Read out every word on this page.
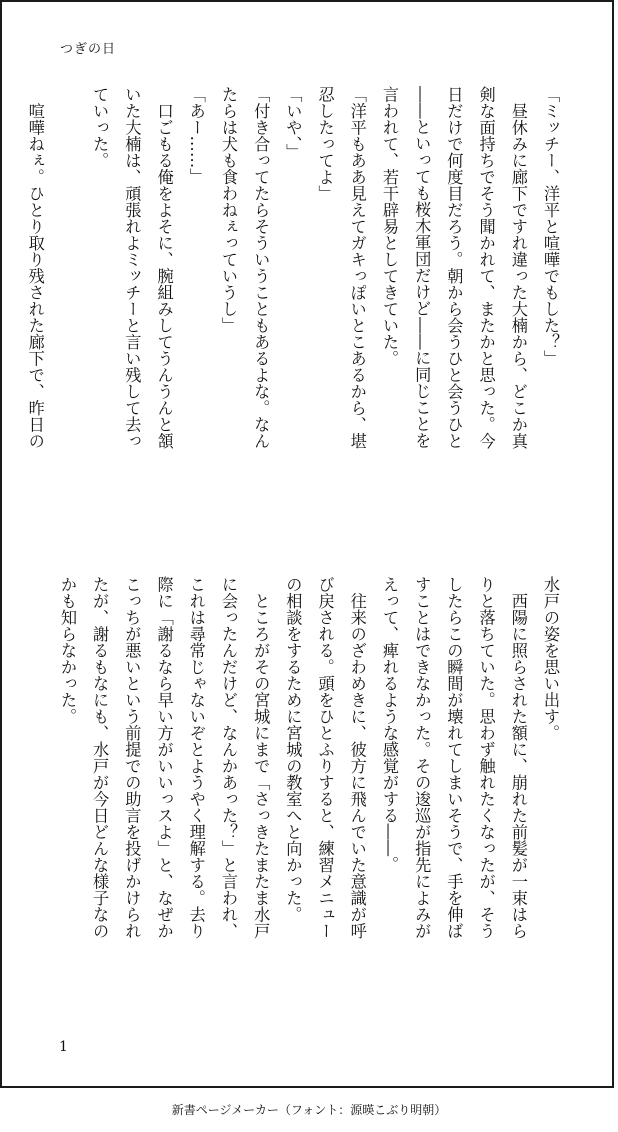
つぎの日
「ミッチー、洋平と喧嘩でもした？」
　昼休みに廊下ですれ違った大楠から、どこか真
剣な面持ちでそう聞かれて、またかと思った。今
日だけで何度目だろう。朝から会うひと会うひと
――といっても桜木軍団だけど――に同じことを
言われて、若干辟易としてきていた。
「洋平もああ見えてガキっぽいとこあるから、堪
忍したってよ」
「いや、」
「付き合ってたらそういうこともあるよな。なん
たらは犬も食わねぇっていうし」
「あー……」
　口ごもる俺をよそに、腕組みしてうんうんと頷
いた大楠は、頑張れよミッチーと言い残して去っ
ていった。

　喧嘩ねぇ。ひとり取り残された廊下で、昨日の
水戸の姿を思い出す。
　西陽に照らされた額に、崩れた前髪が一束はら
りと落ちていた。思わず触れたくなったが、そう
したらこの瞬間が壊れてしまいそうで、手を伸ば
すことはできなかった。その逡巡が指先によみが
えって、痺れるような感覚がする――。
　往来のざわめきに、彼方に飛んでいた意識が呼
び戻される。頭をひとふりすると、練習メニュー
の相談をするために宮城の教室へと向かった。
　ところがその宮城にまで「さっきたまたま水戸
に会ったんだけど、なんかあった？」と言われ、
これは尋常じゃないぞとようやく理解する。去り
際に「謝るなら早い方がいいっスよ」と、なぜか
こっちが悪いという前提での助言を投げかけられ
たが、謝るもなにも、水戸が今日どんな様子なの
かも知らなかった。
1
新書ページメーカー（フォント：源暎こぶり明朝）
